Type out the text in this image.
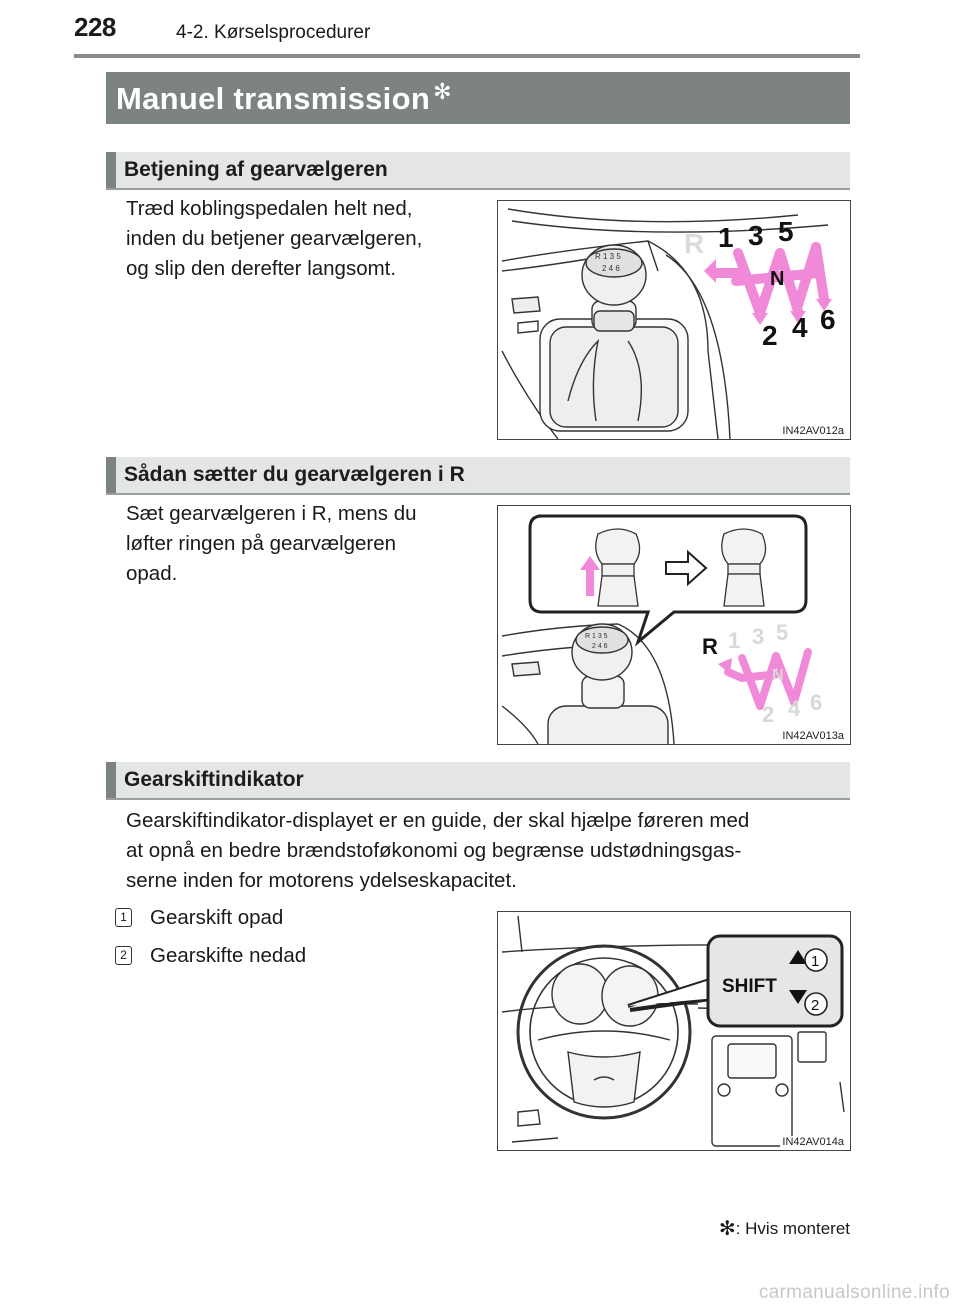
228	4-2. Kørselsprocedurer
Manuel transmission ✻
Betjening af gearvælgeren
Træd koblingspedalen helt ned,
inden du betjener gearvælgeren,
og slip den derefter langsomt.
R 1 3 5
2 4 6
R 1 3 5
N
2 4 6
IN42AV012a
Sådan sætter du gearvælgeren i R
Sæt gearvælgeren i R, mens du
løfter ringen på gearvælgeren
opad.
R 1 3 5
2 4 6	R 1 3 5
N
2 4 6
IN42AV013a
Gearskiftindikator
Gearskiftindikator-displayet er en guide, der skal hjælpe føreren med
at opnå en bedre brændstoføkonomi og begrænse udstødningsgas-
serne inden for motorens ydelseskapacitet.
1 Gearskift opad
2 Gearskifte nedad
SHIFT
1
2
IN42AV014a
✻: Hvis monteret
carmanualsonline.info
